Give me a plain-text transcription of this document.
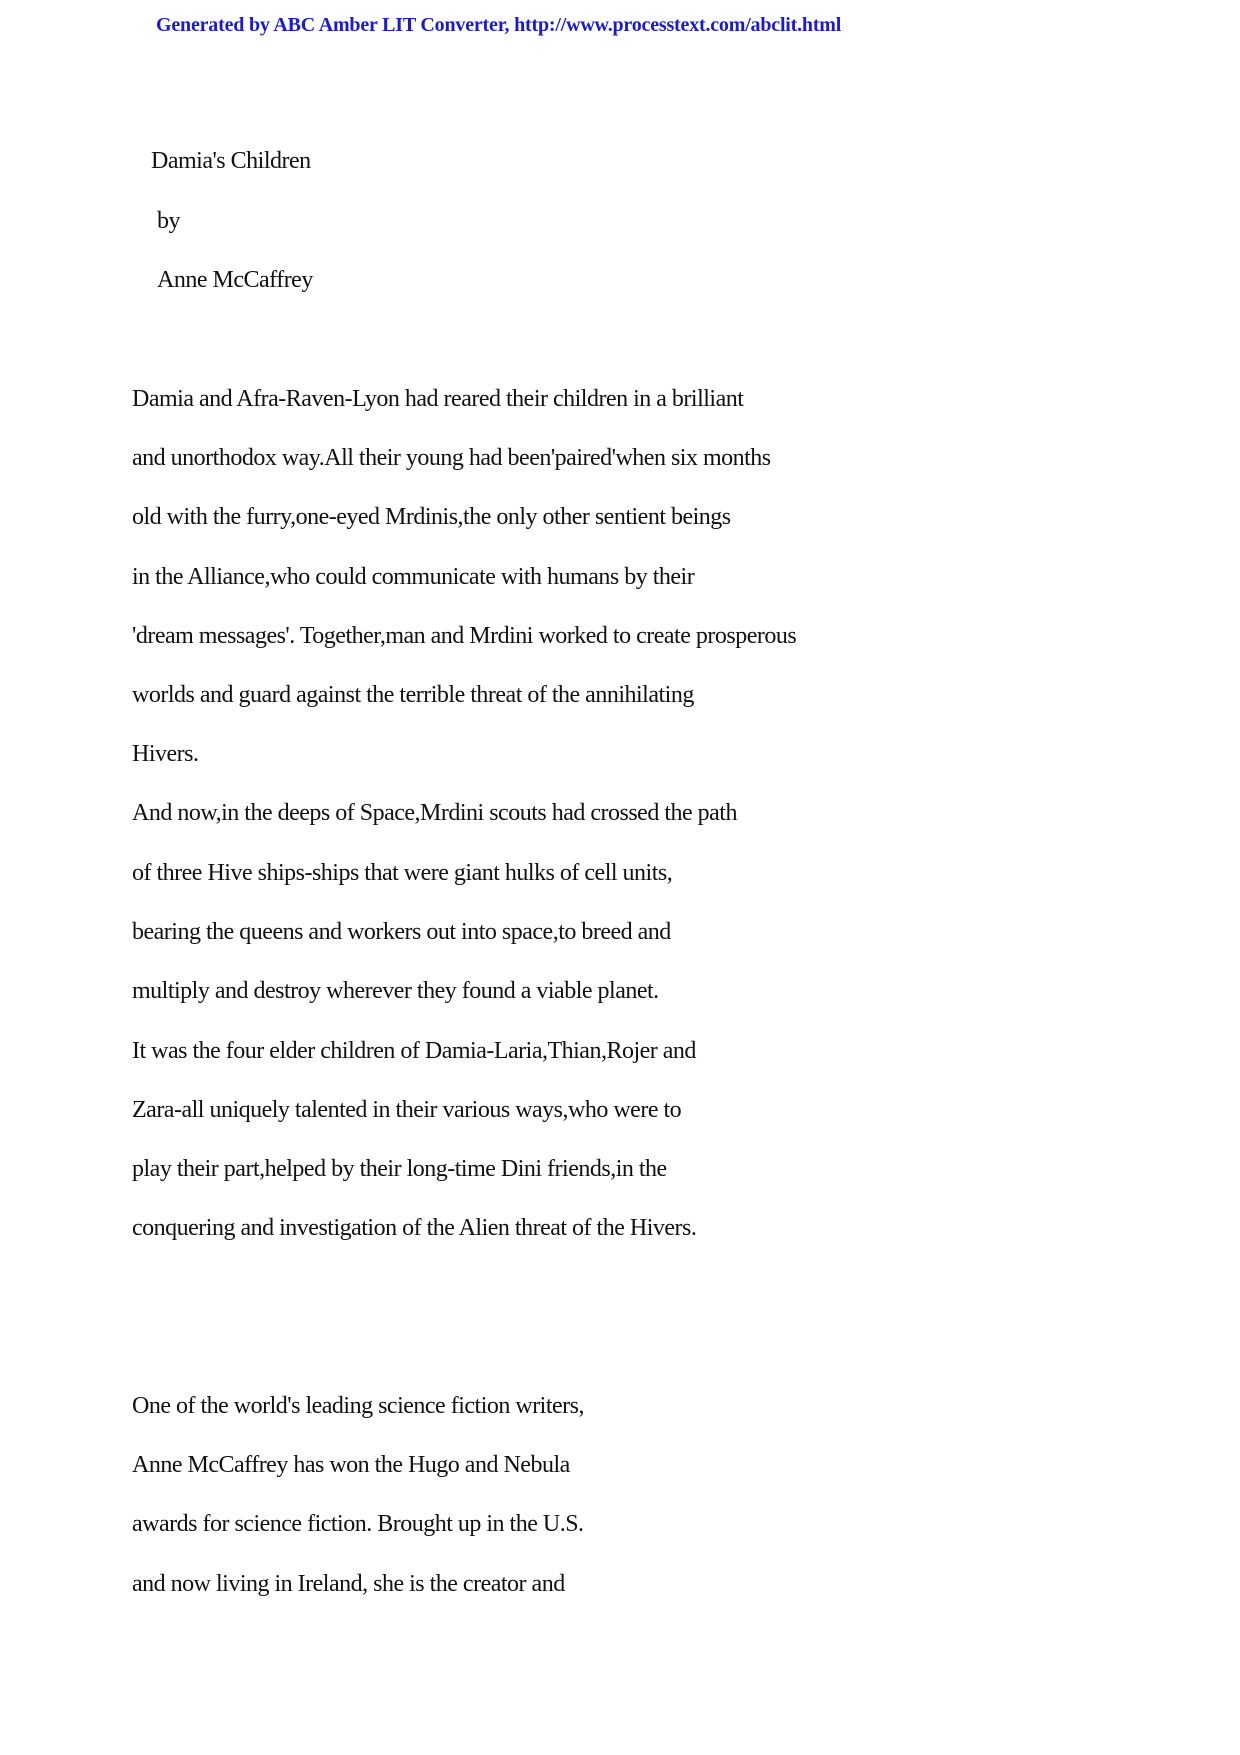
Generated by ABC Amber LIT Converter, http://www.processtext.com/abclit.html
Damia's Children
by
Anne McCaffrey
Damia and Afra-Raven-Lyon had reared their children in a brilliant
and unorthodox way.All their young had been'paired'when six months
old with the furry,one-eyed Mrdinis,the only other sentient beings
in the Alliance,who could communicate with humans by their
'dream messages'. Together,man and Mrdini worked to create prosperous
worlds and guard against the terrible threat of the annihilating
Hivers.
And now,in the deeps of Space,Mrdini scouts had crossed the path
of three Hive ships-ships that were giant hulks of cell units,
bearing the queens and workers out into space,to breed and
multiply and destroy wherever they found a viable planet.
It was the four elder children of Damia-Laria,Thian,Rojer and
Zara-all uniquely talented in their various ways,who were to
play their part,helped by their long-time Dini friends,in the
conquering and investigation of the Alien threat of the Hivers.
One of the world's leading science fiction writers,
Anne McCaffrey has won the Hugo and Nebula
awards for science fiction. Brought up in the U.S.
and now living in Ireland, she is the creator and
